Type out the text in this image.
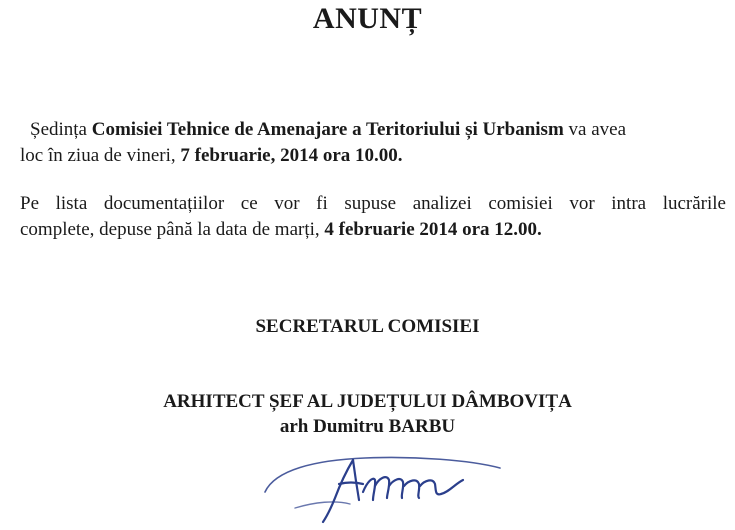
ANUNȚ
Ședința Comisiei Tehnice de Amenajare a Teritoriului și Urbanism va avea
loc în ziua de vineri, 7 februarie, 2014 ora 10.00.
Pe lista documentațiilor ce vor fi supuse analizei comisiei vor intra lucrările
complete, depuse până la data de marți, 4 februarie 2014 ora 12.00.
SECRETARUL COMISIEI
ARHITECT ȘEF AL JUDEȚULUI DÂMBOVIȚA
arh Dumitru BARBU
